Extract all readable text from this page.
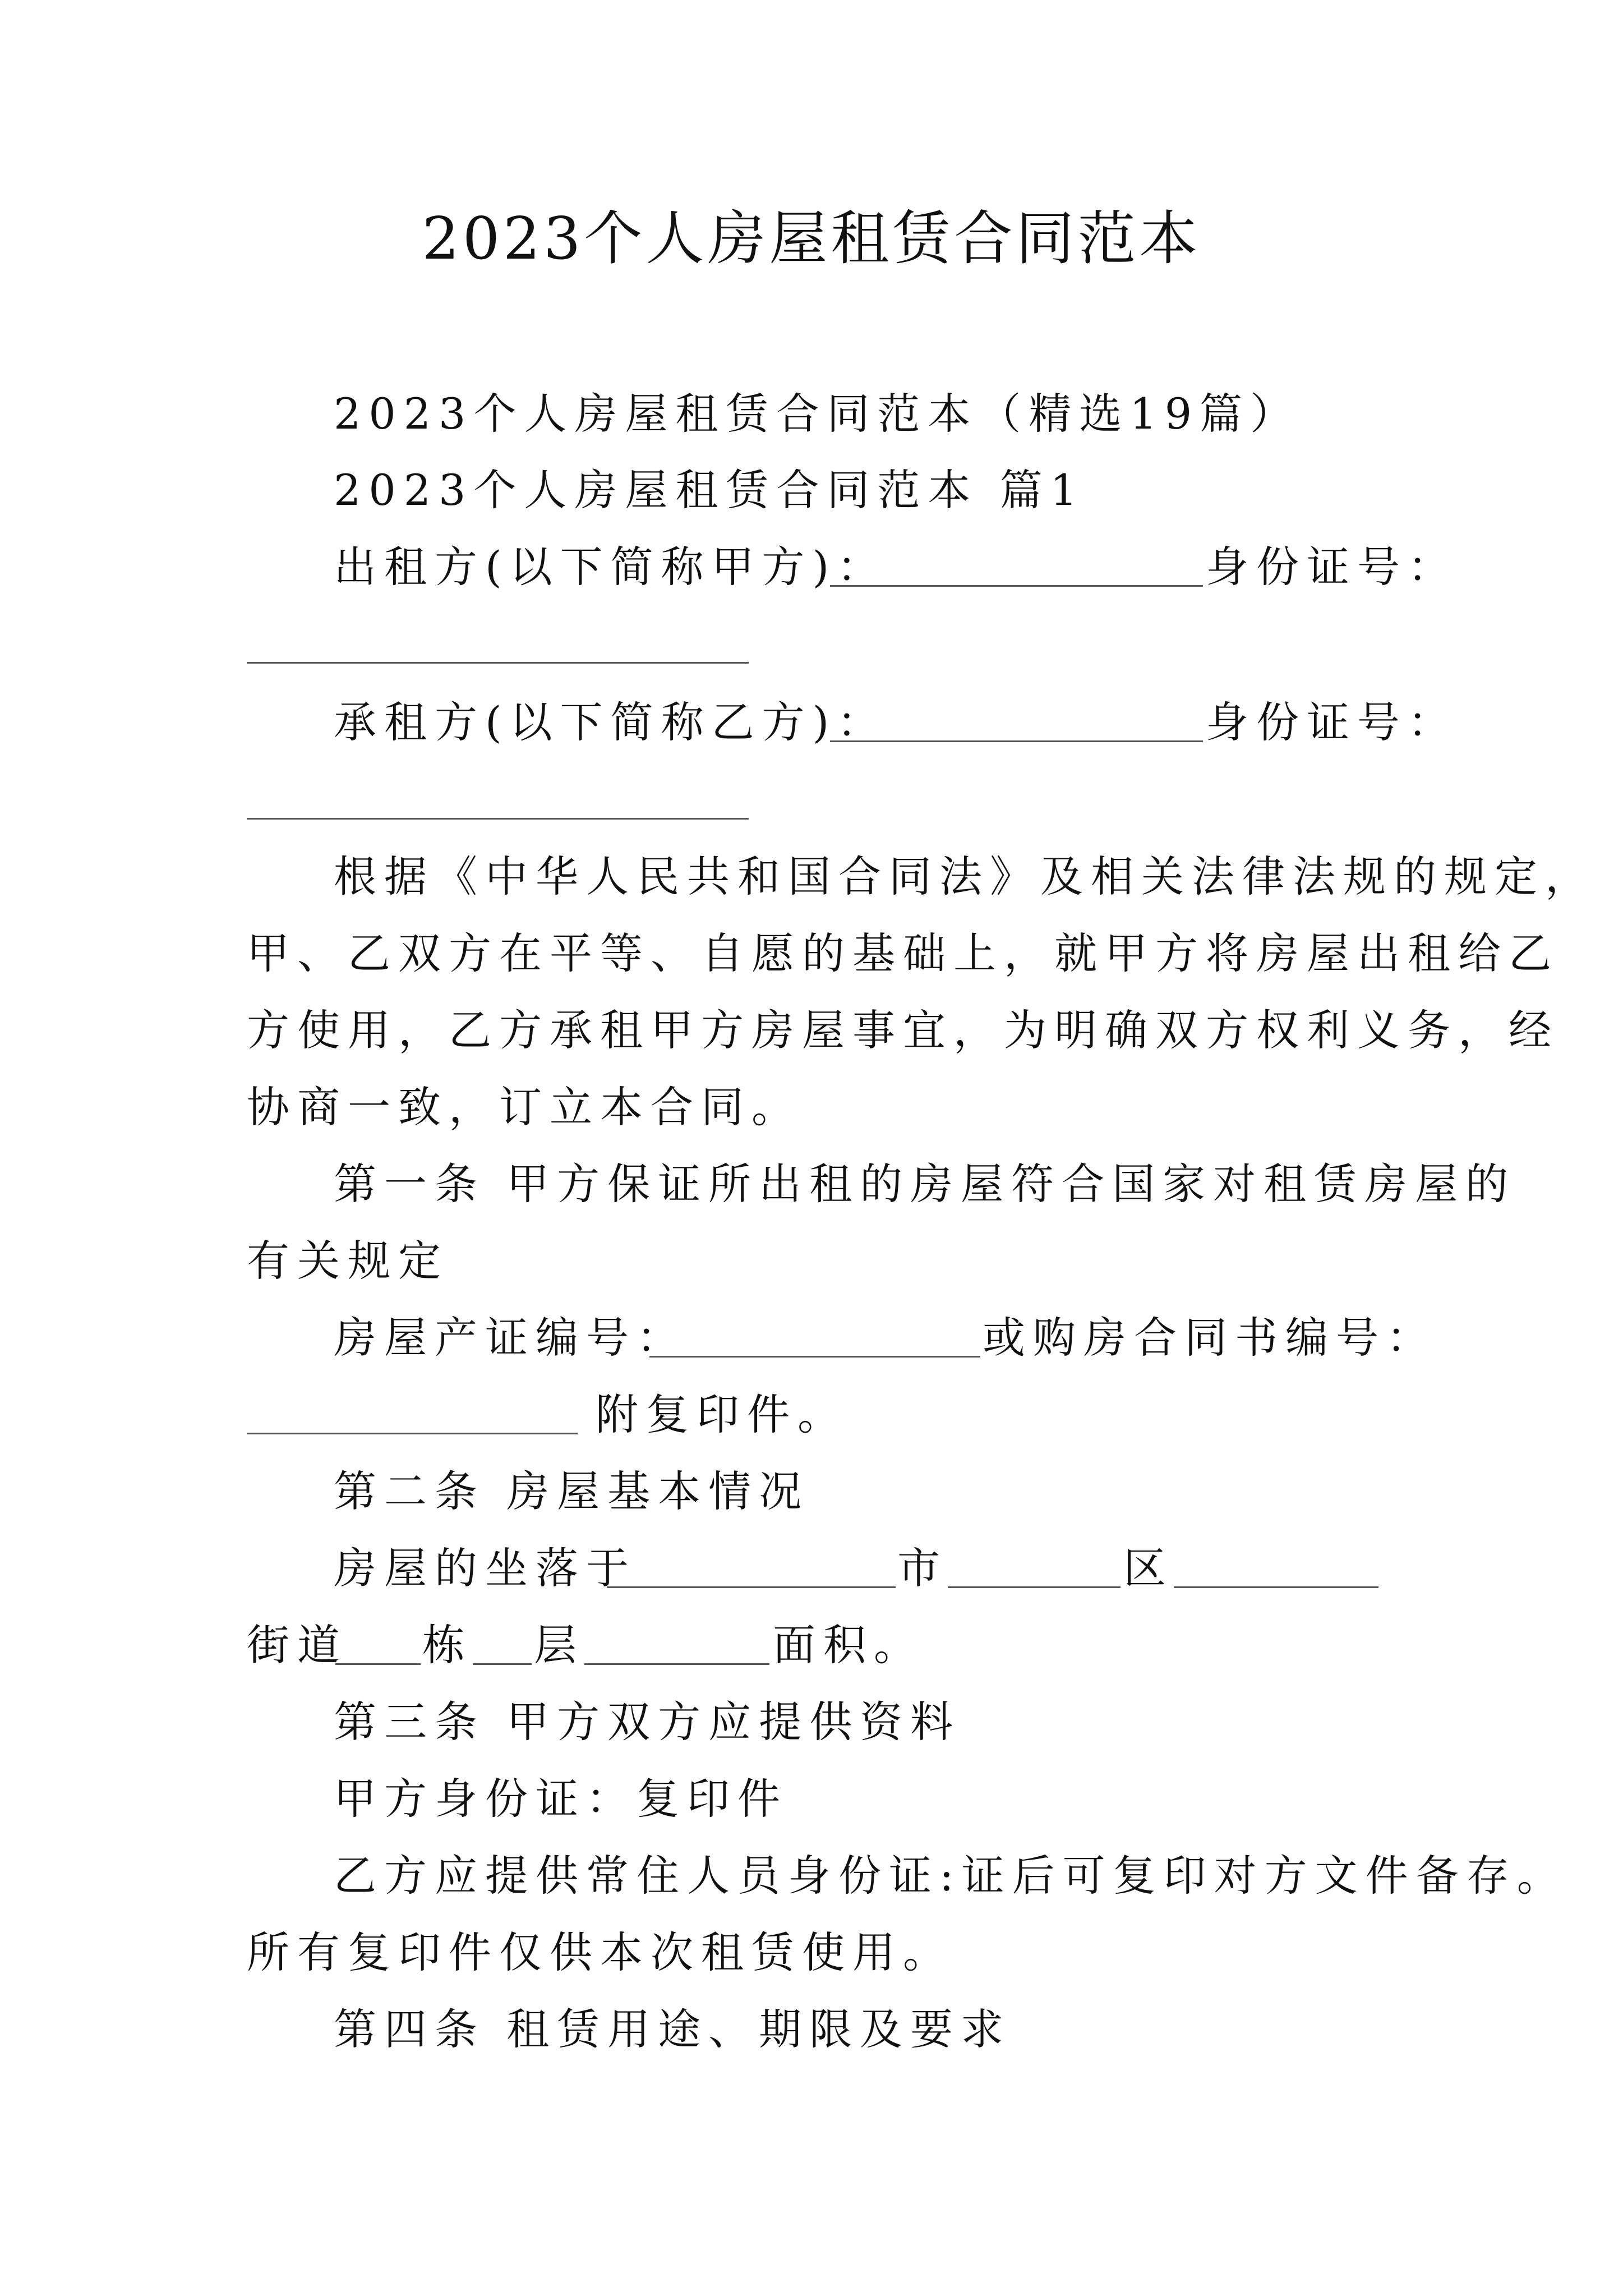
2023个人房屋租赁合同范本
2023个人房屋租赁合同范本（精选19篇）
2023个人房屋租赁合同范本 篇1
出租方(以下简称甲方)：	身份证号：
承租方(以下简称乙方)：	身份证号：
根据《中华人民共和国合同法》及相关法律法规的规定，
甲、乙双方在平等、自愿的基础上，就甲方将房屋出租给乙
方使用，乙方承租甲方房屋事宜，为明确双方权利义务，经
协商一致，订立本合同。
第一条 甲方保证所出租的房屋符合国家对租赁房屋的
有关规定
房屋产证编号：	或购房合同书编号：
附复印件。
第二条 房屋基本情况
房屋的坐落于	市	区
街道 栋 层	面积。
第三条 甲方双方应提供资料
甲方身份证：复印件
乙方应提供常住人员身份证:证后可复印对方文件备存。
所有复印件仅供本次租赁使用。
第四条 租赁用途、期限及要求
